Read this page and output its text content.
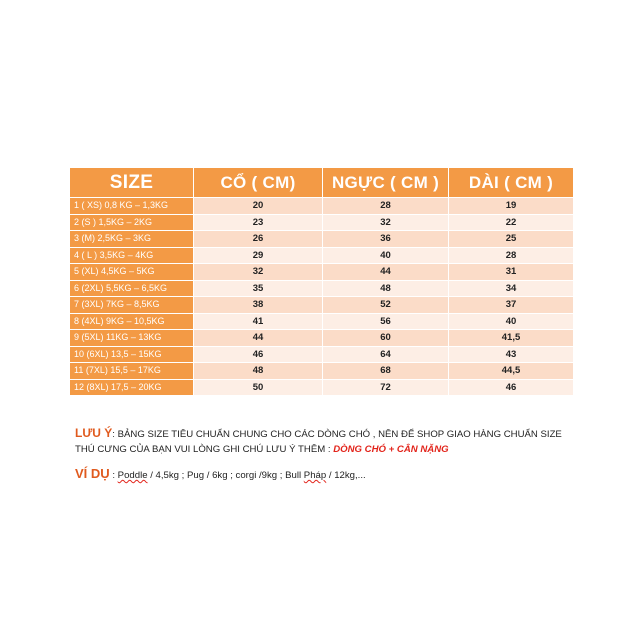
SIZE	CỔ ( CM)	NGỰC ( CM )	DÀI ( CM )
1 ( XS) 0,8 KG – 1,3KG	20	28	19
2 (S ) 1,5KG – 2KG	23	32	22
3 (M) 2,5KG – 3KG	26	36	25
4 ( L ) 3,5KG – 4KG	29	40	28
5 (XL) 4,5KG – 5KG	32	44	31
6 (2XL) 5,5KG – 6,5KG	35	48	34
7 (3XL) 7KG – 8,5KG	38	52	37
8 (4XL) 9KG – 10,5KG	41	56	40
9 (5XL) 11KG – 13KG	44	60	41,5
10 (6XL) 13,5 – 15KG	46	64	43
11 (7XL) 15,5 – 17KG	48	68	44,5
12 (8XL) 17,5 – 20KG	50	72	46
LƯU Ý: BẢNG SIZE TIÊU CHUẨN CHUNG CHO CÁC DÒNG CHÓ , NÊN ĐỂ SHOP GIAO HÀNG CHUẨN SIZE
THÚ CƯNG CỦA BẠN VUI LÒNG GHI CHÚ LƯU Ý THÊM : DÒNG CHÓ + CÂN NẶNG
VÍ DỤ : Poddle / 4,5kg ; Pug / 6kg ; corgi /9kg ; Bull Pháp / 12kg,...
